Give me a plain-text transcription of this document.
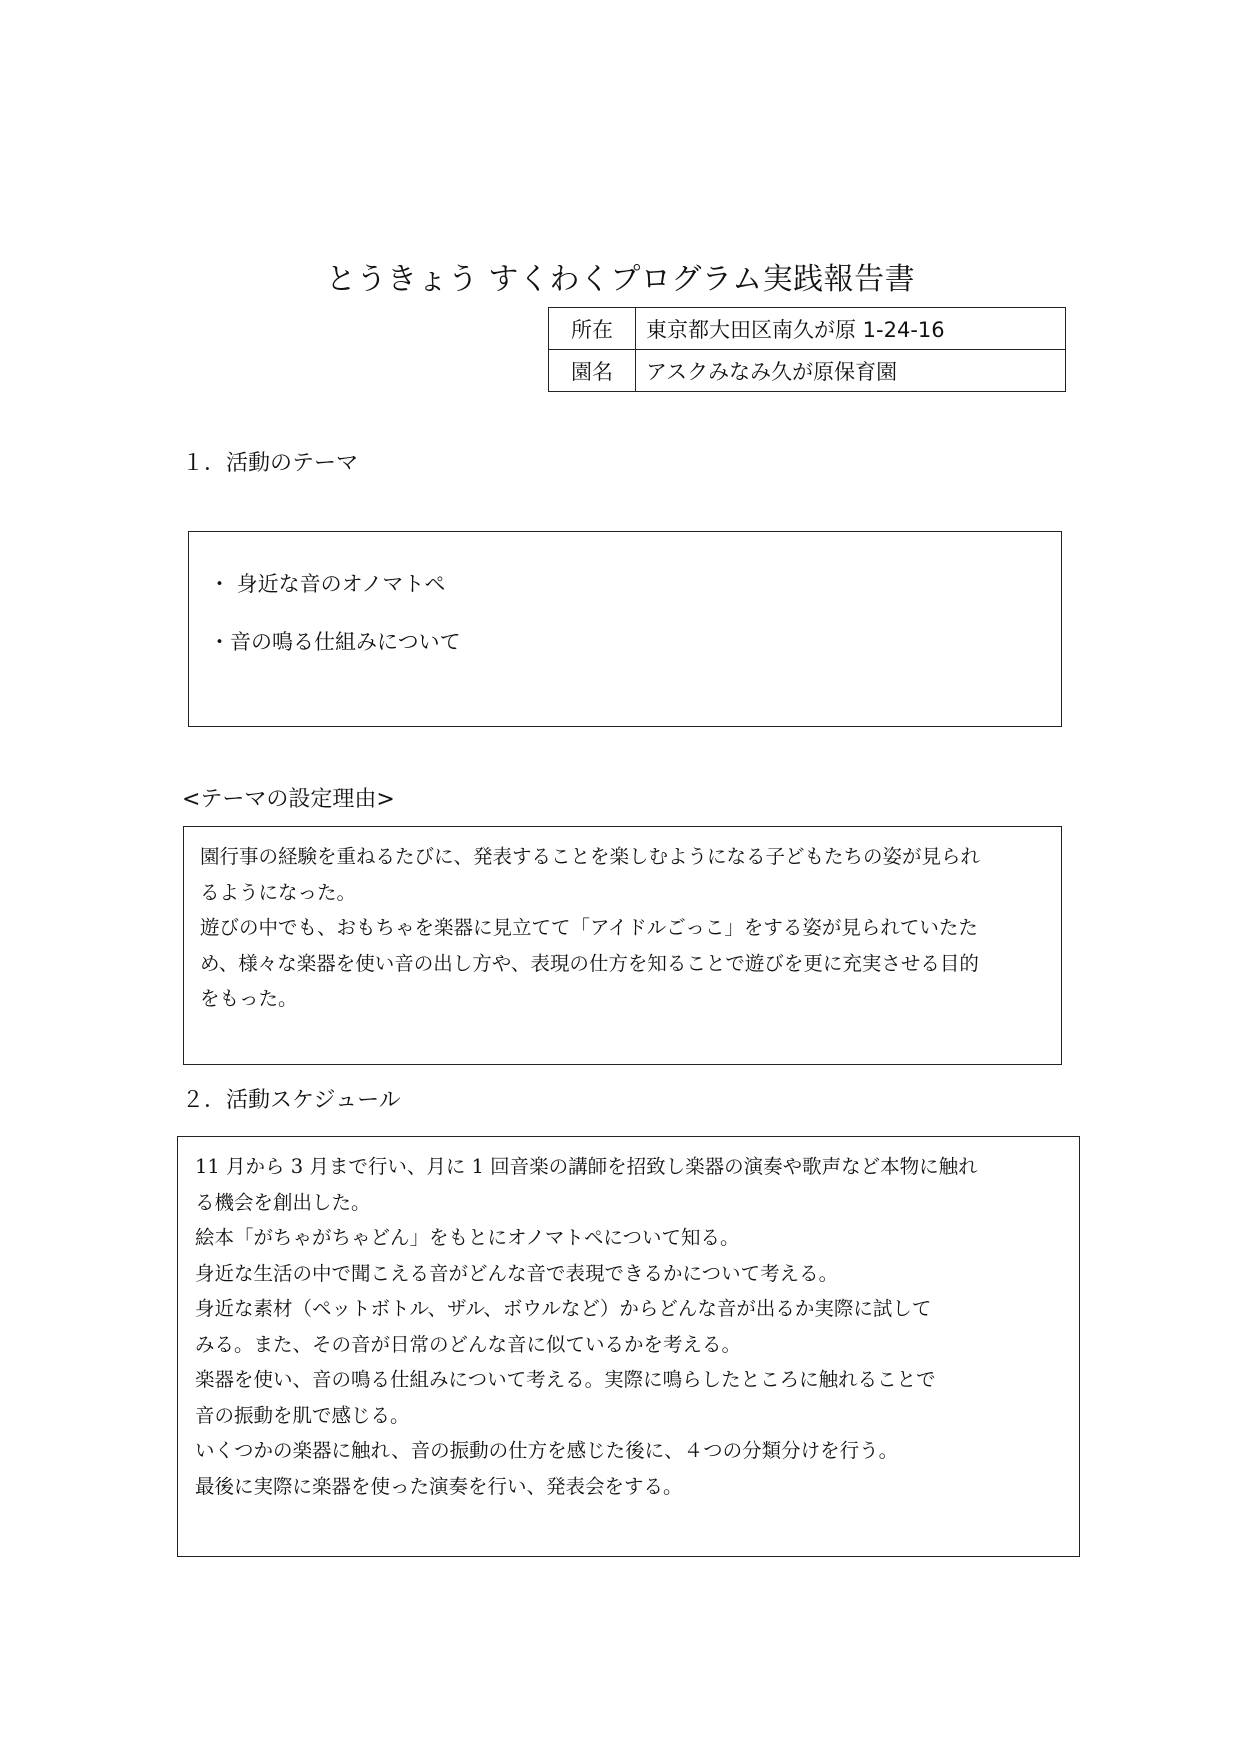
とうきょう すくわくプログラム実践報告書
所在	東京都大田区南久が原 1-24-16
園名	アスクみなみ久が原保育園
１．活動のテーマ
・ 身近な音のオノマトペ
・音の鳴る仕組みについて
<テーマの設定理由>
園行事の経験を重ねるたびに、発表することを楽しむようになる子どもたちの姿が見られ
るようになった。
遊びの中でも、おもちゃを楽器に見立てて「アイドルごっこ」をする姿が見られていたた
め、様々な楽器を使い音の出し方や、表現の仕方を知ることで遊びを更に充実させる目的
をもった。
２．活動スケジュール
11 月から 3 月まで行い、月に 1 回音楽の講師を招致し楽器の演奏や歌声など本物に触れ
る機会を創出した。
絵本「がちゃがちゃどん」をもとにオノマトペについて知る。
身近な生活の中で聞こえる音がどんな音で表現できるかについて考える。
身近な素材（ペットボトル、ザル、ボウルなど）からどんな音が出るか実際に試して
みる。また、その音が日常のどんな音に似ているかを考える。
楽器を使い、音の鳴る仕組みについて考える。実際に鳴らしたところに触れることで
音の振動を肌で感じる。
いくつかの楽器に触れ、音の振動の仕方を感じた後に、４つの分類分けを行う。
最後に実際に楽器を使った演奏を行い、発表会をする。
